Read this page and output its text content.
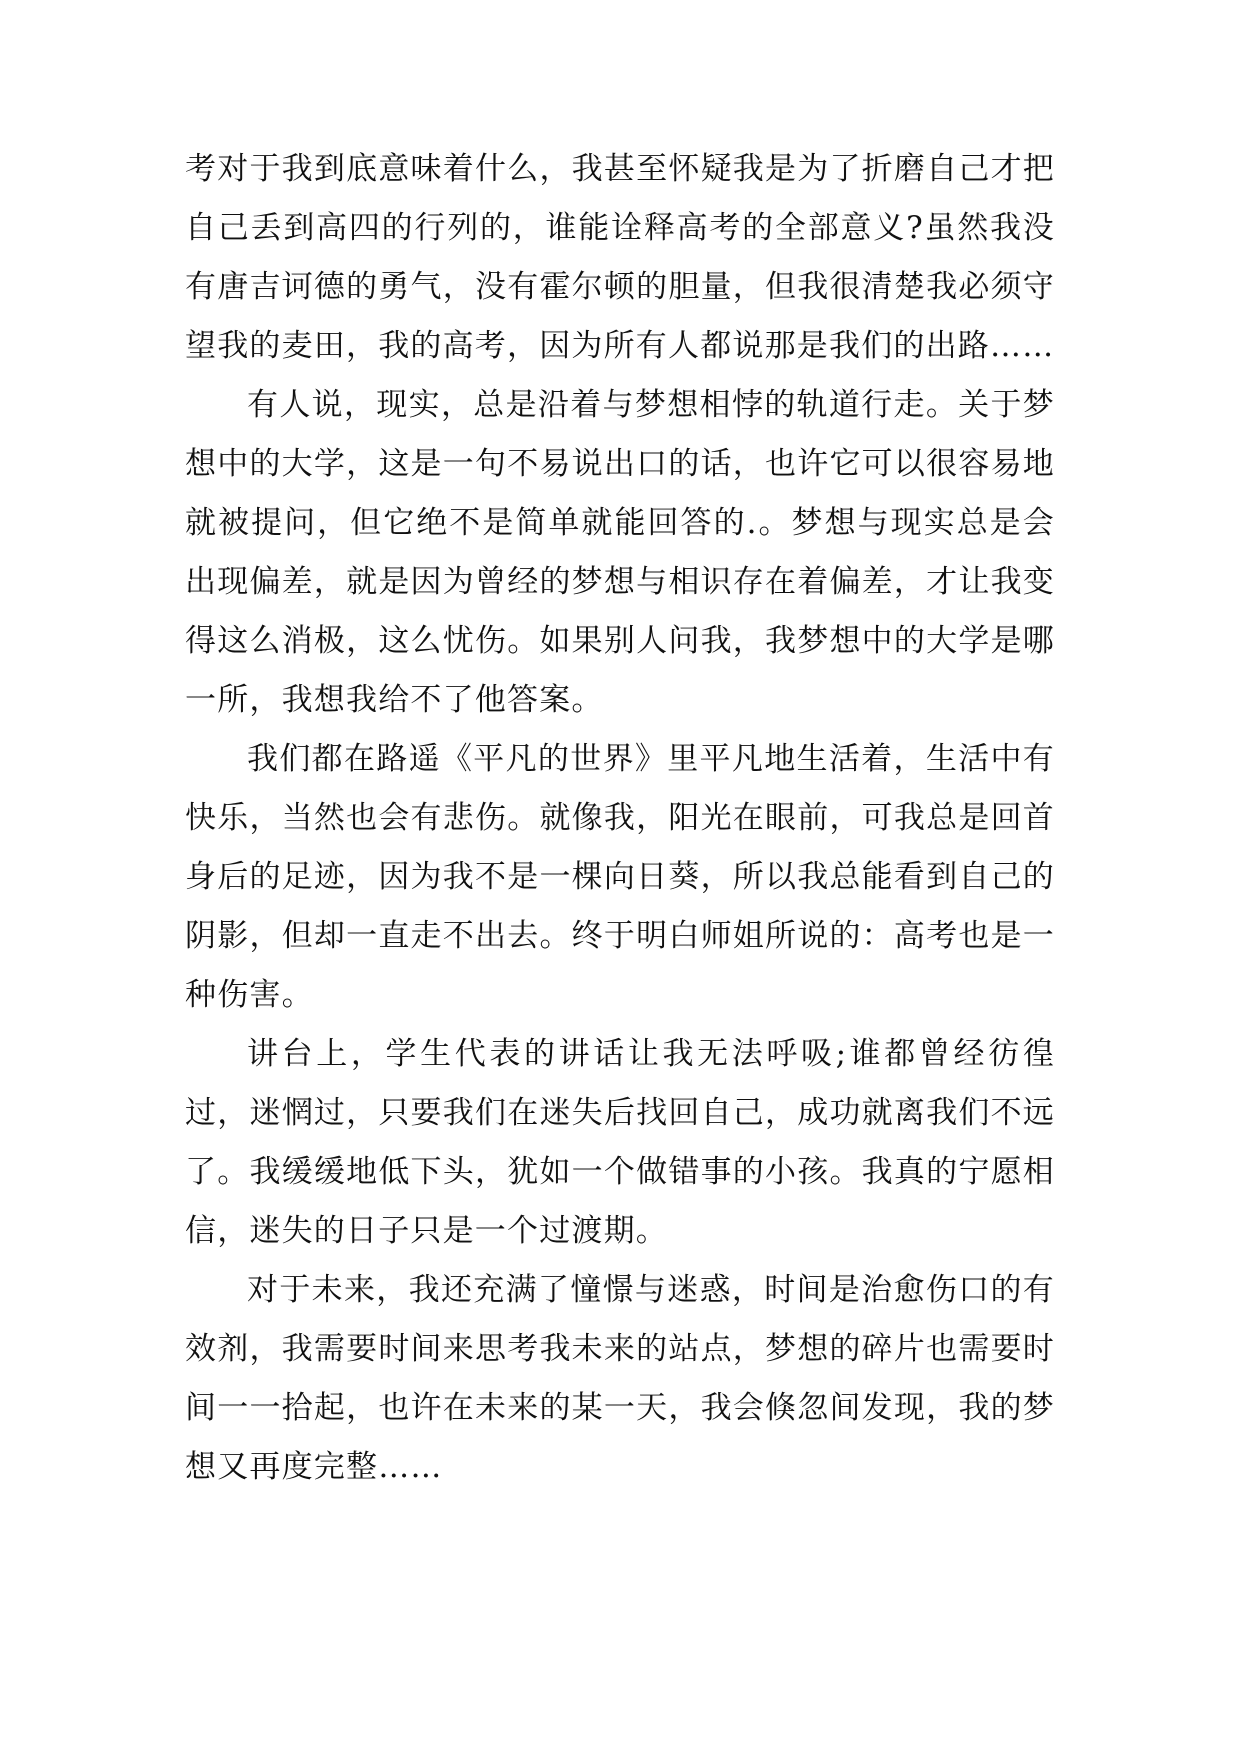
考对于我到底意味着什么，我甚至怀疑我是为了折磨自己才把自己丢到高四的行列的，谁能诠释高考的全部意义?虽然我没有唐吉诃德的勇气，没有霍尔顿的胆量，但我很清楚我必须守望我的麦田，我的高考，因为所有人都说那是我们的出路……

有人说，现实，总是沿着与梦想相悖的轨道行走。关于梦想中的大学，这是一句不易说出口的话，也许它可以很容易地就被提问，但它绝不是简单就能回答的.。梦想与现实总是会出现偏差，就是因为曾经的梦想与相识存在着偏差，才让我变得这么消极，这么忧伤。如果别人问我，我梦想中的大学是哪一所，我想我给不了他答案。

我们都在路遥《平凡的世界》里平凡地生活着，生活中有快乐，当然也会有悲伤。就像我，阳光在眼前，可我总是回首身后的足迹，因为我不是一棵向日葵，所以我总能看到自己的阴影，但却一直走不出去。终于明白师姐所说的：高考也是一种伤害。

讲台上，学生代表的讲话让我无法呼吸;谁都曾经彷徨过，迷惘过，只要我们在迷失后找回自己，成功就离我们不远了。我缓缓地低下头，犹如一个做错事的小孩。我真的宁愿相信，迷失的日子只是一个过渡期。

对于未来，我还充满了憧憬与迷惑，时间是治愈伤口的有效剂，我需要时间来思考我未来的站点，梦想的碎片也需要时间一一拾起，也许在未来的某一天，我会倏忽间发现，我的梦想又再度完整……
